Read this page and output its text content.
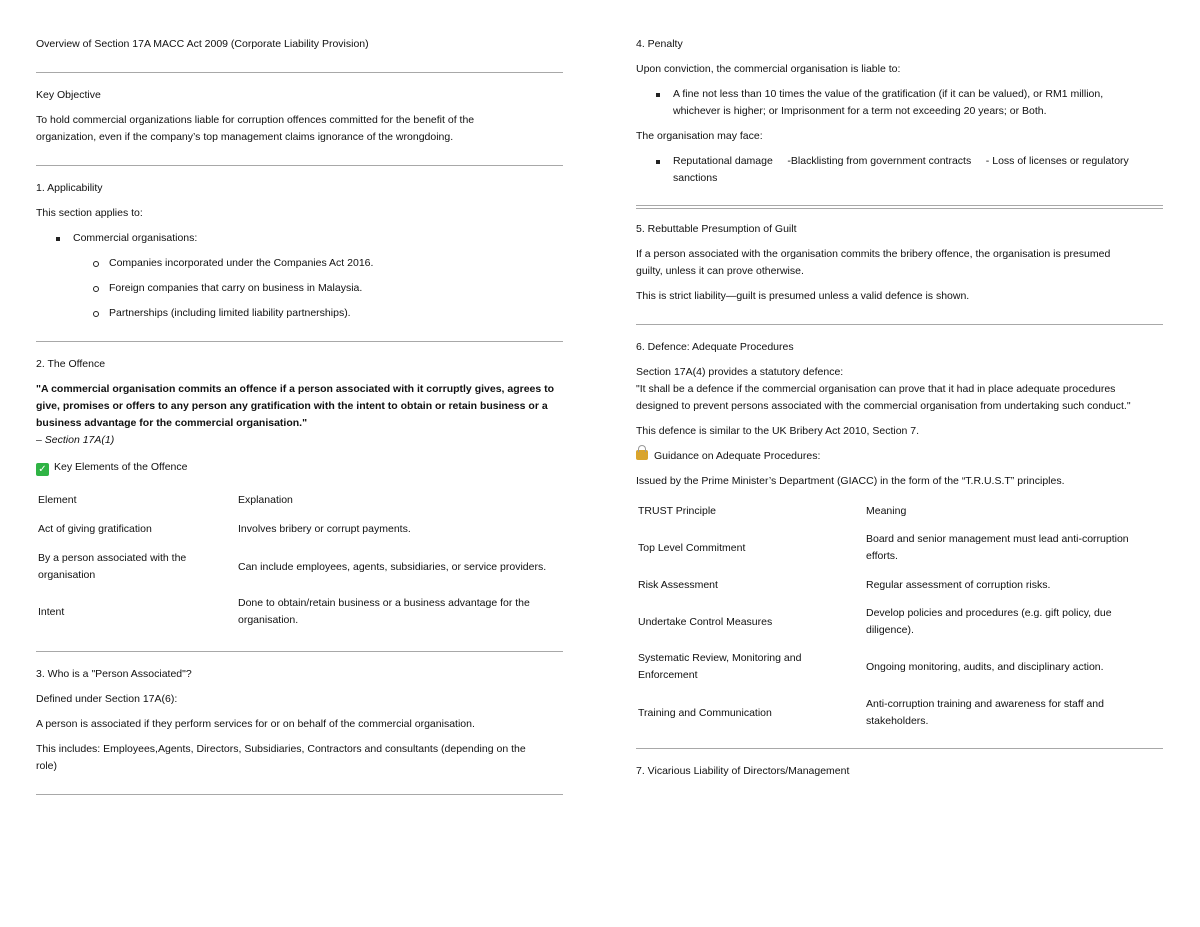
Overview of Section 17A MACC Act 2009 (Corporate Liability Provision)

Key Objective

To hold commercial organizations liable for corruption offences committed for the benefit of the

organization, even if the company’s top management claims ignorance of the wrongdoing.

1. Applicability

This section applies to:

Commercial organisations:
Companies incorporated under the Companies Act 2016.
Foreign companies that carry on business in Malaysia.
Partnerships (including limited liability partnerships).

2. The Offence

"A commercial organisation commits an offence if a person associated with it corruptly gives, agrees to

give, promises or offers to any person any gratification with the intent to obtain or retain business or a

business advantage for the commercial organisation."

– Section 17A(1)

✓ Key Elements of the Offence

Element	Explanation

Act of giving gratification	Involves bribery or corrupt payments.

By a person associated with the
organisation	Can include employees, agents, subsidiaries, or service providers.

Intent	Done to obtain/retain business or a business advantage for the
organisation.

3. Who is a "Person Associated"?

Defined under Section 17A(6):

A person is associated if they perform services for or on behalf of the commercial organisation.

This includes: Employees,Agents, Directors, Subsidiaries, Contractors and consultants (depending on the

role)

4. Penalty

Upon conviction, the commercial organisation is liable to:

A fine not less than 10 times the value of the gratification (if it can be valued), or RM1 million,
whichever is higher; or Imprisonment for a term not exceeding 20 years; or Both.

The organisation may face:

Reputational damage     -Blacklisting from government contracts     - Loss of licenses or regulatory
sanctions

5. Rebuttable Presumption of Guilt

If a person associated with the organisation commits the bribery offence, the organisation is presumed

guilty, unless it can prove otherwise.

This is strict liability—guilt is presumed unless a valid defence is shown.

6. Defence: Adequate Procedures

Section 17A(4) provides a statutory defence:

"It shall be a defence if the commercial organisation can prove that it had in place adequate procedures

designed to prevent persons associated with the commercial organisation from undertaking such conduct."

This defence is similar to the UK Bribery Act 2010, Section 7.

Guidance on Adequate Procedures:

Issued by the Prime Minister’s Department (GIACC) in the form of the “T.R.U.S.T” principles.

TRUST Principle	Meaning

Top Level Commitment	Board and senior management must lead anti-corruption
efforts.

Risk Assessment	Regular assessment of corruption risks.

Undertake Control Measures	Develop policies and procedures (e.g. gift policy, due
diligence).

Systematic Review, Monitoring and
Enforcement	Ongoing monitoring, audits, and disciplinary action.

Training and Communication	Anti-corruption training and awareness for staff and
stakeholders.

7. Vicarious Liability of Directors/Management
